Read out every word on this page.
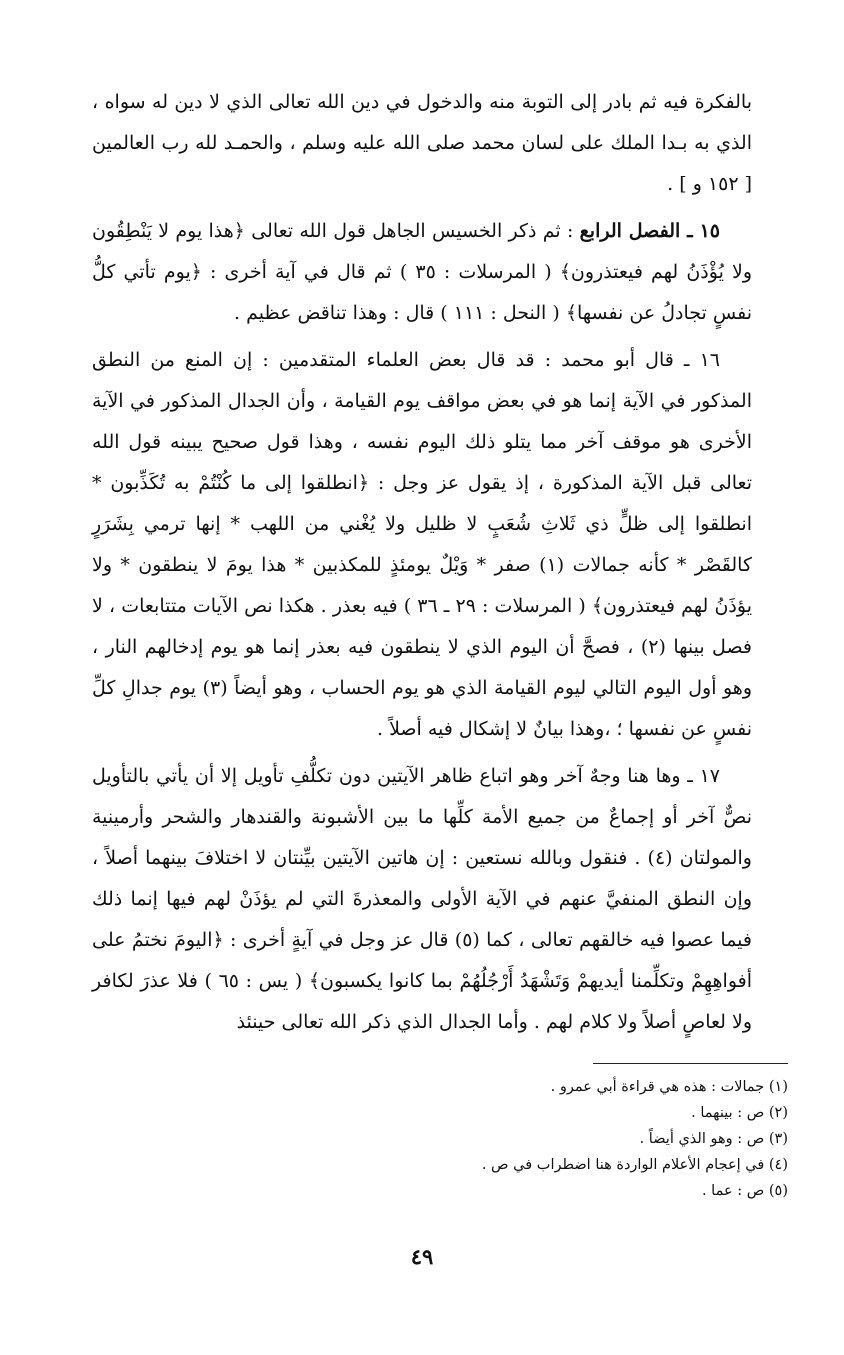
بالفكرة فيه ثم بادر إلى التوبة منه والدخول في دين الله تعالى الذي لا دين له سواه ، الذي به بـدا الملك على لسان محمد صلى الله عليه وسلم ، والحمـد لله رب العالمين [ ١٥٢ و ] .

١٥ ـ الفصل الرابع : ثم ذكر الخسيس الجاهل قول الله تعالى ﴿هذا يوم لا يَنْطِقُون ولا يُؤْذَنُ لهم فيعتذرون﴾ ( المرسلات : ٣٥ ) ثم قال في آية أخرى : ﴿يوم تأتي كلُّ نفسٍ تجادلُ عن نفسها﴾ ( النحل : ١١١ ) قال : وهذا تناقض عظيم .

١٦ ـ قال أبو محمد : قد قال بعض العلماء المتقدمين : إن المنع من النطق المذكور في الآية إنما هو في بعض مواقف يوم القيامة ، وأن الجدال المذكور في الآية الأخرى هو موقف آخر مما يتلو ذلك اليوم نفسه ، وهذا قول صحيح يبينه قول الله تعالى قبل الآية المذكورة ، إذ يقول عز وجل : ﴿انطلقوا إلى ما كُنْتُمْ به تُكَذِّبون * انطلقوا إلى ظلٍّ ذي ثَلاثِ شُعَبٍ لا ظليل ولا يُغْني من اللهب * إنها ترمي بِشَرَرٍ كالقَصْر * كأنه جمالات (١) صفر * وَيْلٌ يومئذٍ للمكذبين * هذا يومَ لا ينطقون * ولا يؤذَنُ لهم فيعتذرون﴾ ( المرسلات : ٢٩ ـ ٣٦ ) فيه بعذر . هكذا نص الآيات متتابعات ، لا فصل بينها (٢) ، فصحَّ أن اليوم الذي لا ينطقون فيه بعذر إنما هو يوم إدخالهم النار ، وهو أول اليوم التالي ليوم القيامة الذي هو يوم الحساب ، وهو أيضاً (٣) يوم جدالِ كلِّ نفسٍ عن نفسها ؛ ،وهذا بيانٌ لا إشكال فيه أصلاً .

١٧ ـ وها هنا وجهٌ آخر وهو اتباع ظاهر الآيتين دون تكلُّفِ تأويل إلا أن يأتي بالتأويل نصٌّ آخر أو إجماعٌ من جميع الأمة كلِّها ما بين الأشبونة والقندهار والشحر وأرمينية والمولتان (٤) . فنقول وبالله نستعين : إن هاتين الآيتين بيِّنتان لا اختلافَ بينهما أصلاً ، وإن النطق المنفيَّ عنهم في الآية الأولى والمعذرةَ التي لم يؤذَنْ لهم فيها إنما ذلك فيما عصوا فيه خالقهم تعالى ، كما (٥) قال عز وجل في آيةٍ أخرى : ﴿اليومَ نختمُ على أفواهِهِمْ وتكلِّمنا أيديهمْ وَتَشْهَدُ أَرْجُلُهُمْ بما كانوا يكسبون﴾ ( يس : ٦٥ ) فلا عذرَ لكافر ولا لعاصٍ أصلاً ولا كلام لهم . وأما الجدال الذي ذكر الله تعالى حينئذ

(١) جمالات : هذه هي قراءة أبي عمرو .
(٢) ص : بينهما .
(٣) ص : وهو الذي أيضاً .
(٤) في إعجام الأعلام الواردة هنا اضطراب في ص .
(٥) ص : عما .
٤٩
